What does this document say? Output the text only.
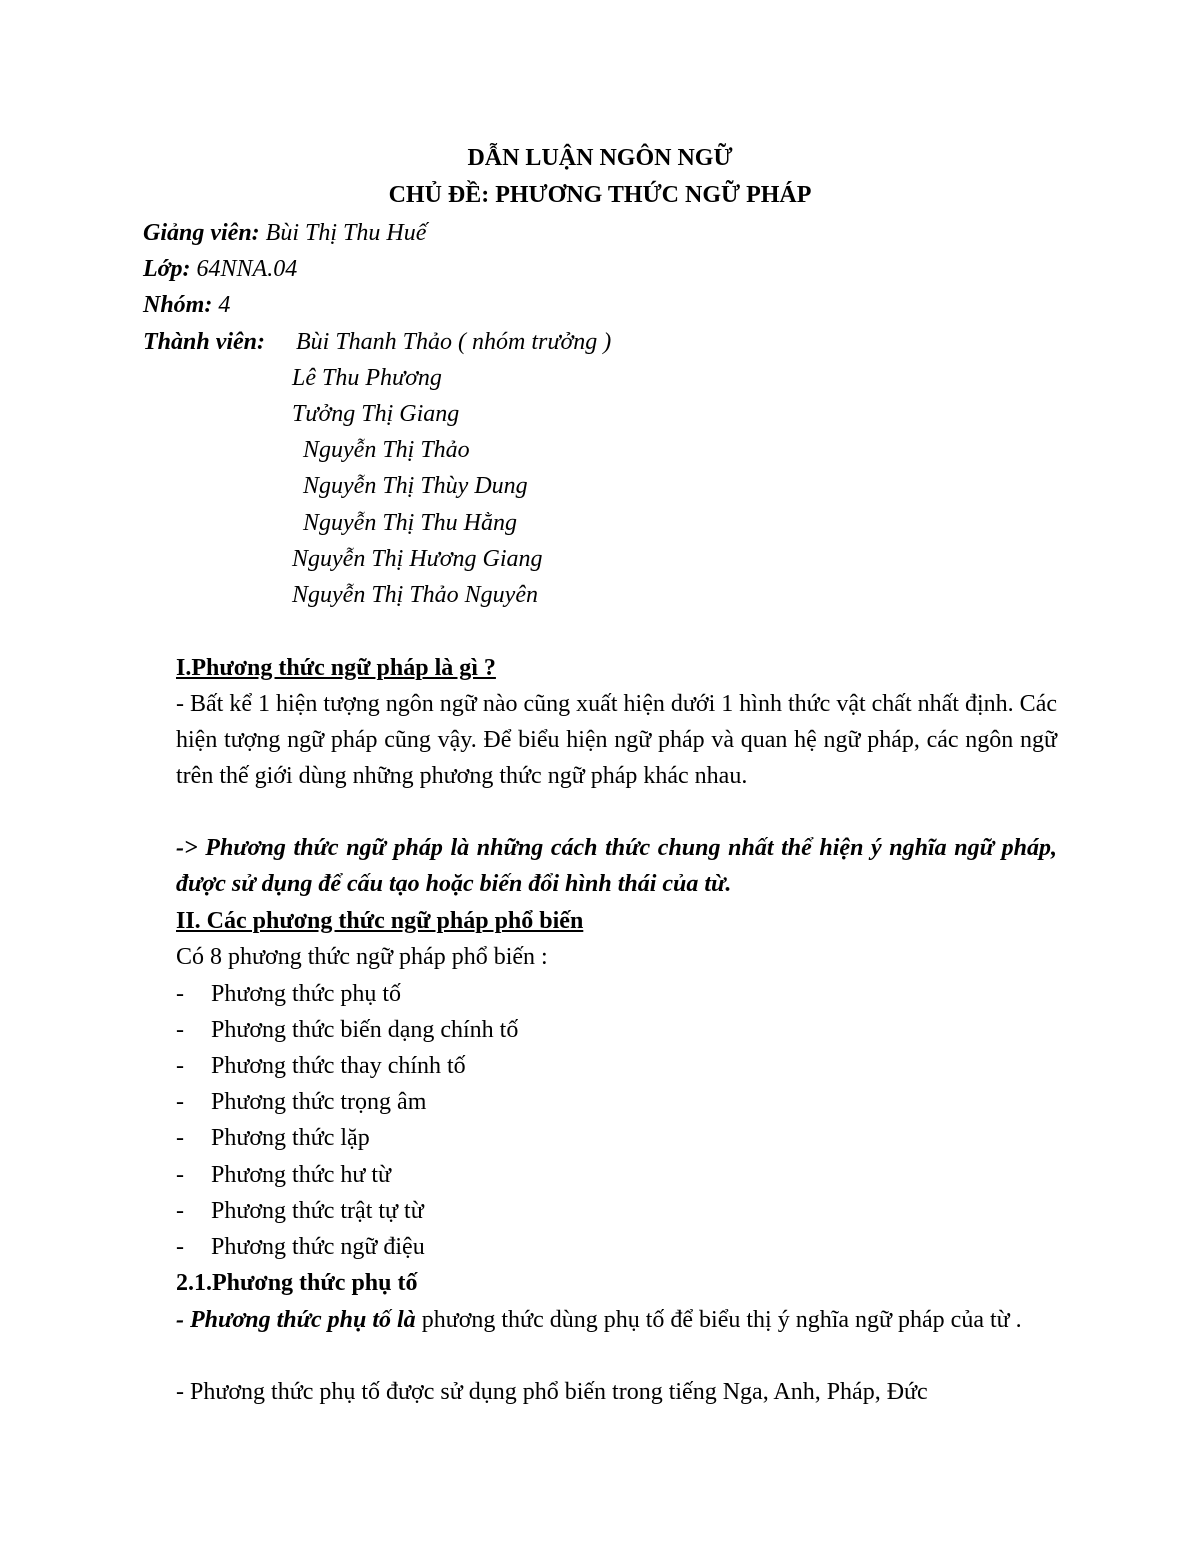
DẪN LUẬN NGÔN NGỮ
CHỦ ĐỀ: PHƯƠNG THỨC NGỮ PHÁP
Giảng viên: Bùi Thị Thu Huế
Lớp: 64NNA.04
Nhóm: 4
Thành viên: Bùi Thanh Thảo ( nhóm trưởng )
Lê Thu Phương
Tưởng Thị Giang
Nguyễn Thị Thảo
Nguyễn Thị Thùy Dung
Nguyễn Thị Thu Hằng
Nguyễn Thị Hương Giang
Nguyễn Thị Thảo Nguyên
I.Phương thức ngữ pháp là gì ?
- Bất kể 1 hiện tượng ngôn ngữ nào cũng xuất hiện dưới 1 hình thức vật chất nhất định. Các hiện tượng ngữ pháp cũng vậy. Để biểu hiện ngữ pháp và quan hệ ngữ pháp, các ngôn ngữ trên thế giới dùng những phương thức ngữ pháp khác nhau.
-> Phương thức ngữ pháp là những cách thức chung nhất thể hiện ý nghĩa ngữ pháp, được sử dụng để cấu tạo hoặc biến đổi hình thái của từ.
II. Các phương thức ngữ pháp phổ biến
Có 8 phương thức ngữ pháp phổ biến :
- Phương thức phụ tố
- Phương thức biến dạng chính tố
- Phương thức thay chính tố
- Phương thức trọng âm
- Phương thức lặp
- Phương thức hư từ
- Phương thức trật tự từ
- Phương thức ngữ điệu
2.1.Phương thức phụ tố
- Phương thức phụ tố là phương thức dùng phụ tố để biểu thị ý nghĩa ngữ pháp của từ .
- Phương thức phụ tố được sử dụng phổ biến trong tiếng Nga, Anh, Pháp, Đức
